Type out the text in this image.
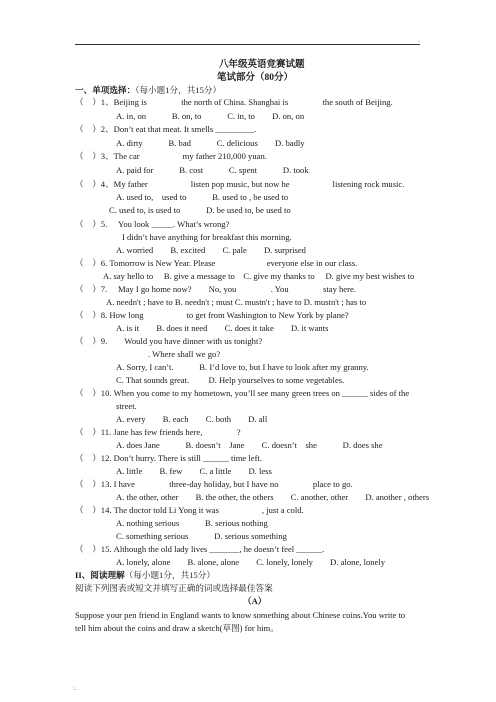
.
八年级英语竞赛试题
笔试部分（80分）
一、单项选择：（每小题1分，共15分）
（　）1、Beijing is　　　　the north of China. Shanghai is　　　　the south of Beijing.
A. in, on　　　B. on, to　　　C. in, to　　D. on, on
（　）2、Don’t eat that meat. It smells _________.
A. dirty　　　B. bad　　　C. delicious　　D. badly
（　）3、The car　　　　　my father 210,000 yuan.
A. paid for　　　B. cost　　　C. spent　　　D. took
（　）4、My father　　　　　listen pop music, but now he　　　　　listening rock music.
A. used to,　used to　　　B. used to , be used to
C. used to, is used to　　　D. be used to, be used to
（　）5.　 You look _____. What’s wrong?
I didn’t have anything for breakfast this morning.
A. worried　　B. excited　　C. pale　　D. surprised
（　）6. Tomorrow is New Year. Please　　　　　　everyone else in our class.
A. say hello to　 B. give a message to　C. give my thanks to　 D. give my best wishes to
（　）7.　 May I go home now?　　No, you　　　　. You　　　　stay here.
A. needn't ; have to B. needn't ; must C. mustn't ; have to D. mustn't ; has to
（　）8. How long　　　　　to get from Washington to New York by plane?
A. is it　　B. does it need　　C. does it take　　D. it wants
（　）9.　　Would you have dinner with us tonight?
. Where shall we go?
A. Sorry, I can’t.　　　B. I’d love to, but I have to look after my granny.
C. That sounds great.　　 D. Help yourselves to some vegetables.
（　）10. When you come to my hometown, you’ll see many green trees on ______ sides of the
street.
A. every　　B. each　　C. both　　D. all
（　）11. Jane has few friends here,　　　　?
A. does Jane　　　B. doesn’t　Jane　　C. doesn’t　she　　　D. does she
（　）12. Don’t hurry. There is still ______ time left.
A. little　　B. few　　C. a little　　D. less
（　）13. I have　　　　three-day holiday, but I have no　　　　place to go.
A. the other, other　　B. the other, the others　　C. another, other　　D. another , others
（　）14. The doctor told Li Yong it was　　　　　, just a cold.
A. nothing serious　　　B. serious nothing
C. something serious　　　D. serious something
（　）15. Although the old lady lives _______, he doesn’t feel ______.
A. lonely, alone　　B. alone, alone　　C. lonely, lonely　　D. alone, lonely
II、阅读理解（每小题1分，共15分）
阅读下列图表或短文并填写正确的词或选择最佳答案
（A）
Suppose your pen friend in England wants to know something about Chinese coins.You write to
tell him about the coins and draw a sketch(草图) for him。
:.
